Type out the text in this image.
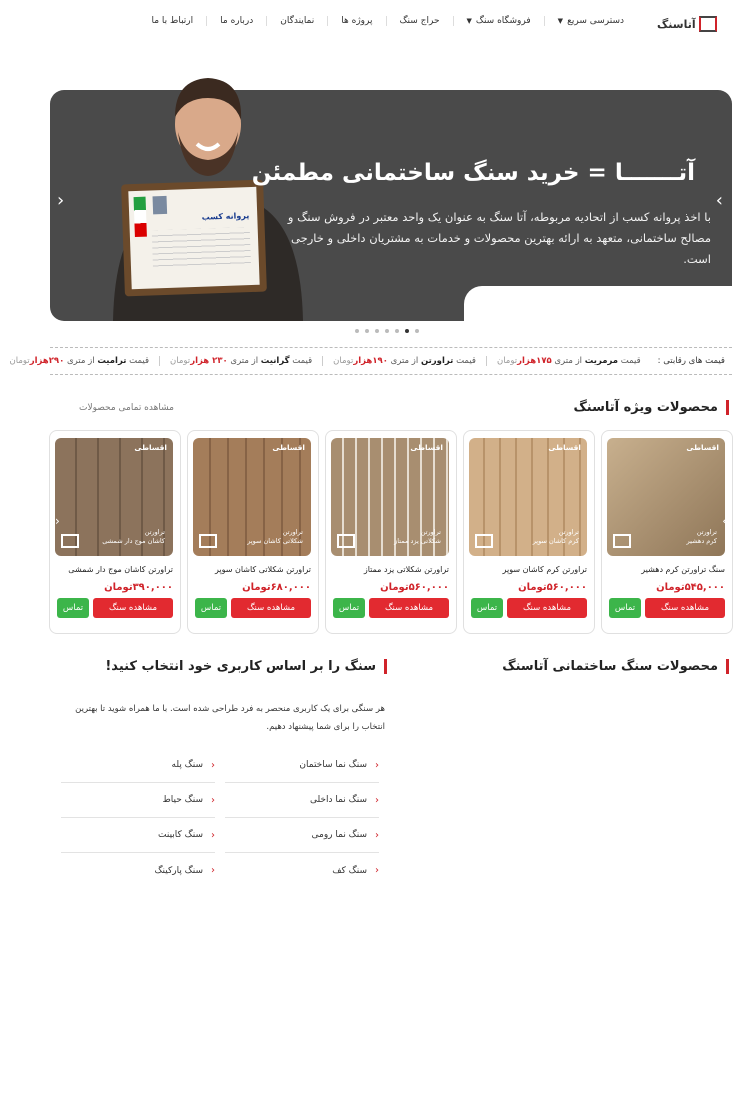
آتاسنگ
دسترسی سریع
▼
فروشگاه سنگ
▼
حراج سنگ
پروژه ها
نمایندگان
درباره ما
ارتباط با ما
پروانه کسب
آتـــــــا = خرید سنگ ساختمانی مطمئن
با اخذ پروانه کسب از اتحادیه مربوطه، آتا سنگ به عنوان یک واحد معتبر در فروش سنگ و مصالح ساختمانی، متعهد به ارائه بهترین محصولات و خدمات به مشتریان داخلی و خارجی است.
‹	›
قیمت های رقابتی :
قیمت مرمریت از متری ۱۷۵هزارتومان
قیمت تراورتن از متری ۱۹۰هزارتومان
قیمت گرانیت از متری ۲۳۰ هزارتومان
قیمت ترامیت از متری ۲۹۰هزارتومان
محصولات ویژه آتاسنگ
مشاهده تمامی محصولات
اقساطی
تراورتن
کرم دهشیر
سنگ تراورتن کرم دهشیر
۵۴۵,۰۰۰تومان
مشاهده سنگ
تماس
اقساطی
تراورتن
کرم کاشان سوپر
تراورتن کرم کاشان سوپر
۵۶۰,۰۰۰تومان
مشاهده سنگ
تماس
اقساطی
تراورتن
شکلاتی یزد ممتاز
تراورتن شکلاتی یزد ممتاز
۵۶۰,۰۰۰تومان
مشاهده سنگ
تماس
اقساطی
تراورتن
شکلاتی کاشان سوپر
تراورتن شکلاتی کاشان سوپر
۶۸۰,۰۰۰تومان
مشاهده سنگ
تماس
اقساطی
تراورتن
کاشان موج دار شمشی
تراورتن کاشان موج دار شمشی
۳۹۰,۰۰۰تومان
مشاهده سنگ
تماس
›
‹
محصولات سنگ ساختمانی آتاسنگ
سنگ را بر اساس کاربری خود انتخاب کنید!
هر سنگی برای یک کاربری منحصر به فرد طراحی شده است. با ما همراه شوید تا بهترین انتخاب را برای شما پیشنهاد دهیم.
‹
سنگ نما ساختمان
‹
سنگ نما داخلی
‹
سنگ نما رومی
‹
سنگ کف
‹
سنگ پله
‹
سنگ حیاط
‹
سنگ کابینت
‹
سنگ پارکینگ
